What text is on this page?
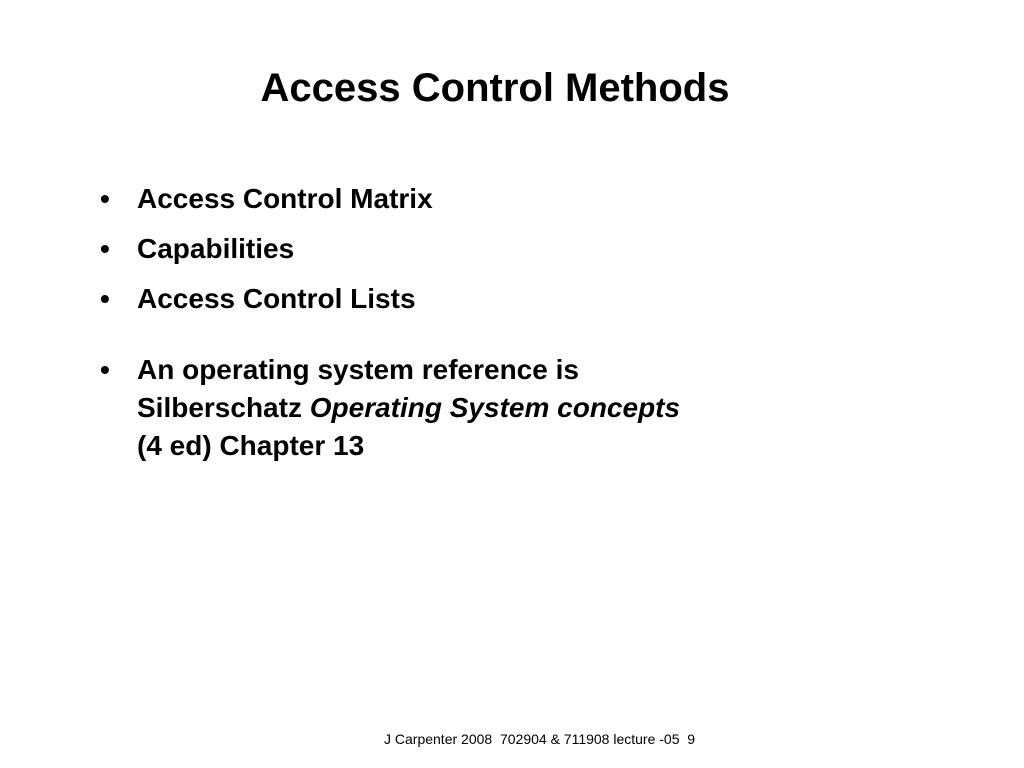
Access Control Methods
• Access Control Matrix
• Capabilities
• Access Control Lists
• An operating system reference is
Silberschatz Operating System concepts
(4 ed) Chapter 13
J Carpenter 2008  702904 & 711908 lecture -05  9
